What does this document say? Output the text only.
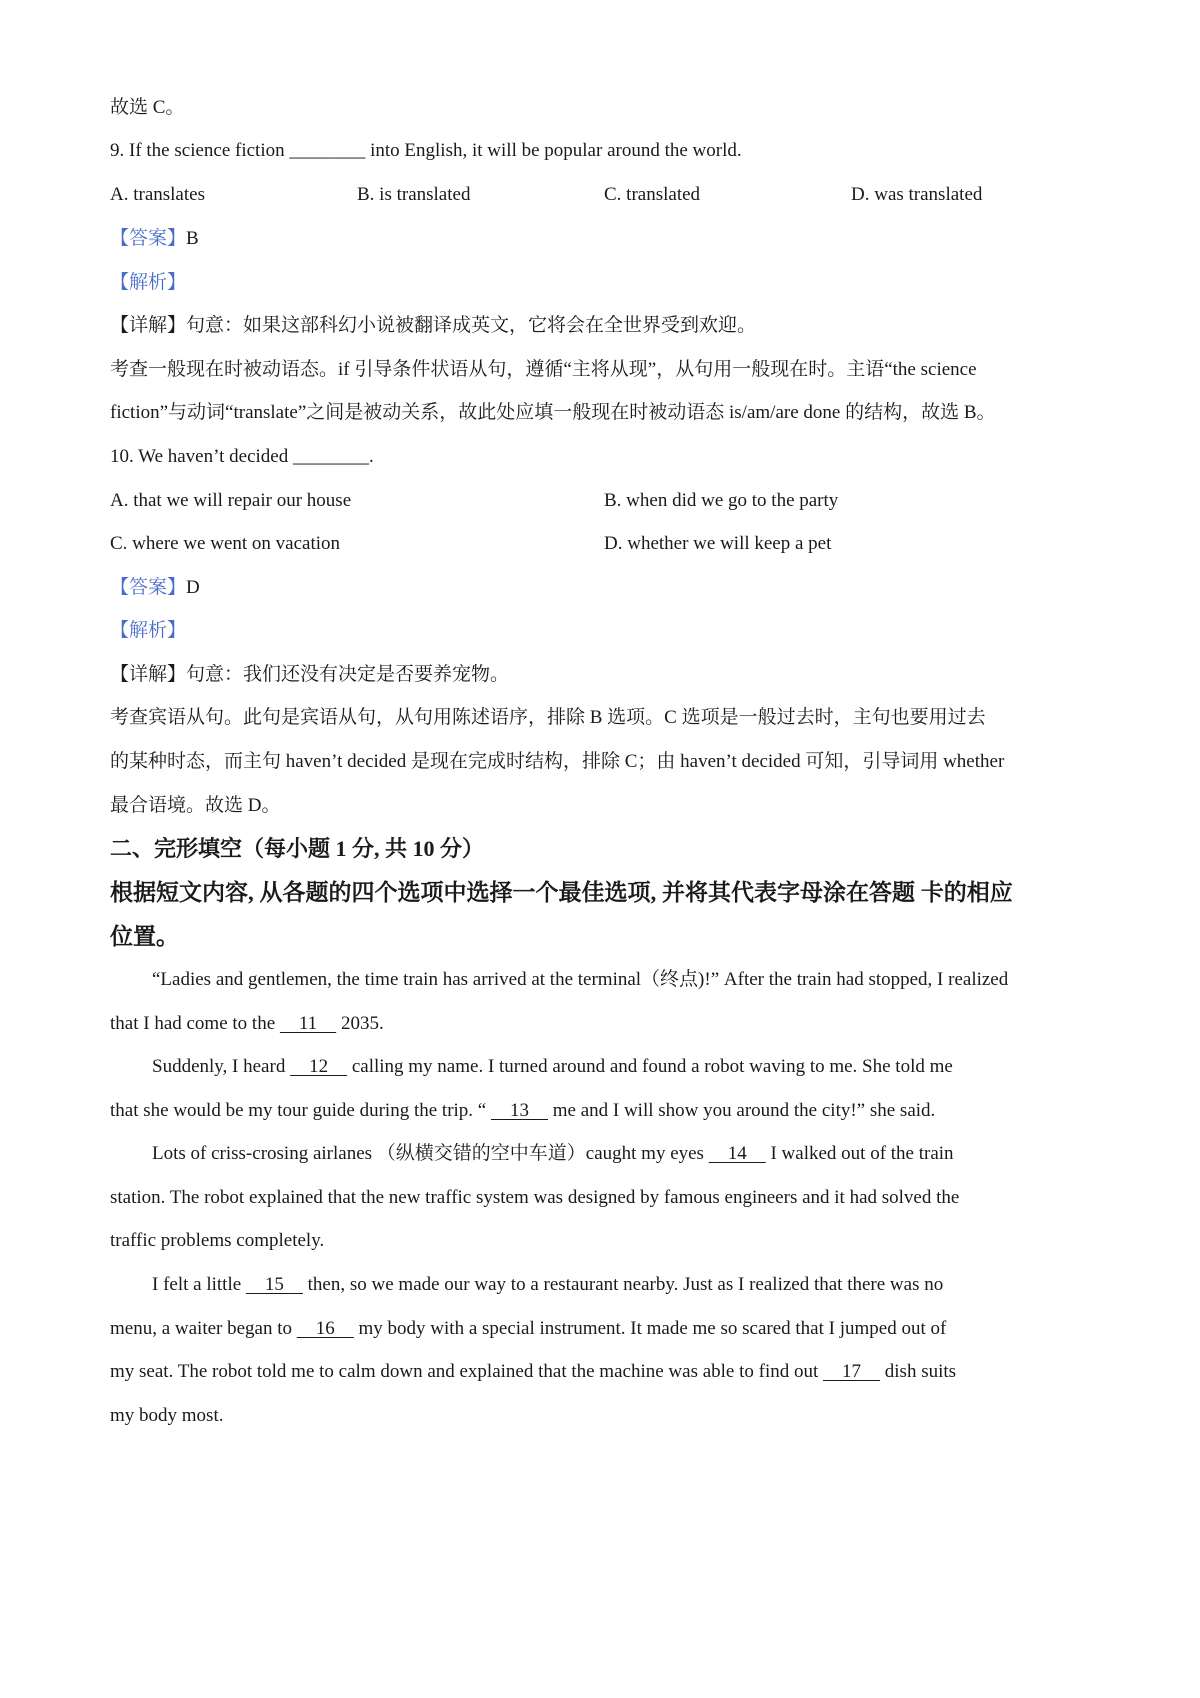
故选 C。
9. If the science fiction ________ into English, it will be popular around the world.
A. translates	B. is translated	C. translated	D. was translated
【答案】B
【解析】
【详解】句意：如果这部科幻小说被翻译成英文，它将会在全世界受到欢迎。
考查一般现在时被动语态。if 引导条件状语从句，遵循“主将从现”，从句用一般现在时。主语“the science
fiction”与动词“translate”之间是被动关系，故此处应填一般现在时被动语态 is/am/are done 的结构，故选 B。
10. We haven’t decided ________.
A. that we will repair our house	B. when did we go to the party
C. where we went on vacation	D. whether we will keep a pet
【答案】D
【解析】
【详解】句意：我们还没有决定是否要养宠物。
考查宾语从句。此句是宾语从句，从句用陈述语序，排除 B 选项。C 选项是一般过去时，主句也要用过去
的某种时态，而主句 haven’t decided 是现在完成时结构，排除 C；由 haven’t decided 可知，引导词用 whether
最合语境。故选 D。
二、完形填空（每小题 1 分, 共 10 分）
根据短文内容, 从各题的四个选项中选择一个最佳选项, 并将其代表字母涂在答题 卡的相应
位置。
“Ladies and gentlemen, the time train has arrived at the terminal（终点)!” After the train had stopped, I realized
that I had come to the     11     2035.
Suddenly, I heard     12     calling my name. I turned around and found a robot waving to me. She told me
that she would be my tour guide during the trip. “     13     me and I will show you around the city!” she said.
Lots of criss-crosing airlanes （纵横交错的空中车道）caught my eyes     14     I walked out of the train
station. The robot explained that the new traffic system was designed by famous engineers and it had solved the
traffic problems completely.
I felt a little     15     then, so we made our way to a restaurant nearby. Just as I realized that there was no
menu, a waiter began to     16     my body with a special instrument. It made me so scared that I jumped out of
my seat. The robot told me to calm down and explained that the machine was able to find out     17     dish suits
my body most.
